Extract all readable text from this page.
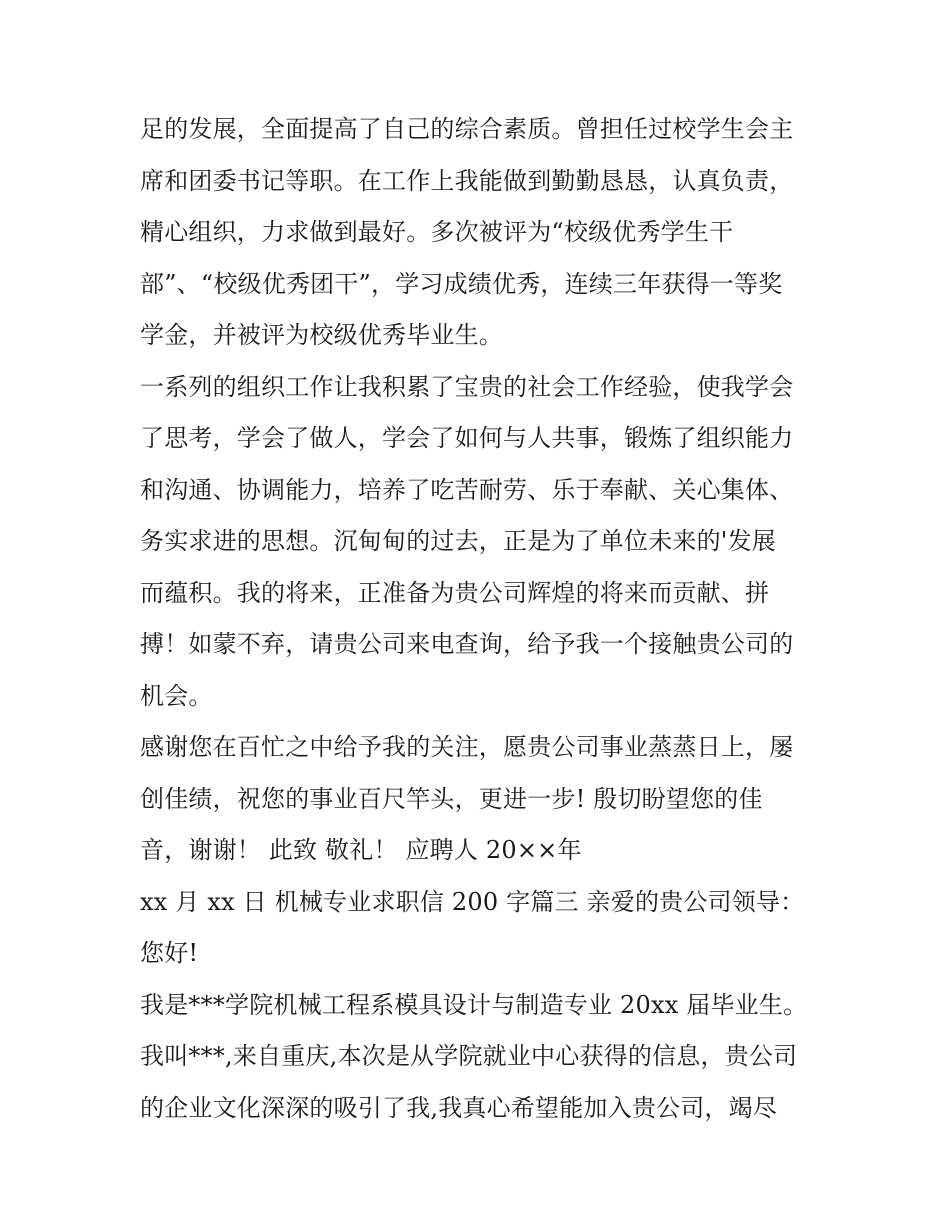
足的发展，全面提高了自己的综合素质。曾担任过校学生会主
席和团委书记等职。在工作上我能做到勤勤恳恳，认真负责，
精心组织，力求做到最好。多次被评为“校级优秀学生干
部”、“校级优秀团干”，学习成绩优秀，连续三年获得一等奖
学金，并被评为校级优秀毕业生。
一系列的组织工作让我积累了宝贵的社会工作经验，使我学会
了思考，学会了做人，学会了如何与人共事，锻炼了组织能力
和沟通、协调能力，培养了吃苦耐劳、乐于奉献、关心集体、
务实求进的思想。沉甸甸的过去，正是为了单位未来的'发展
而蕴积。我的将来，正准备为贵公司辉煌的将来而贡献、拼
搏！如蒙不弃，请贵公司来电查询，给予我一个接触贵公司的
机会。
感谢您在百忙之中给予我的关注，愿贵公司事业蒸蒸日上，屡
创佳绩，祝您的事业百尺竿头，更进一步! 殷切盼望您的佳
音，谢谢！ 此致 敬礼！ 应聘人 20××年
xx 月 xx 日 机械专业求职信 200 字篇三 亲爱的贵公司领导：
您好!
我是***学院机械工程系模具设计与制造专业 20xx 届毕业生。
我叫***,来自重庆,本次是从学院就业中心获得的信息，贵公司
的企业文化深深的吸引了我,我真心希望能加入贵公司，竭尽
